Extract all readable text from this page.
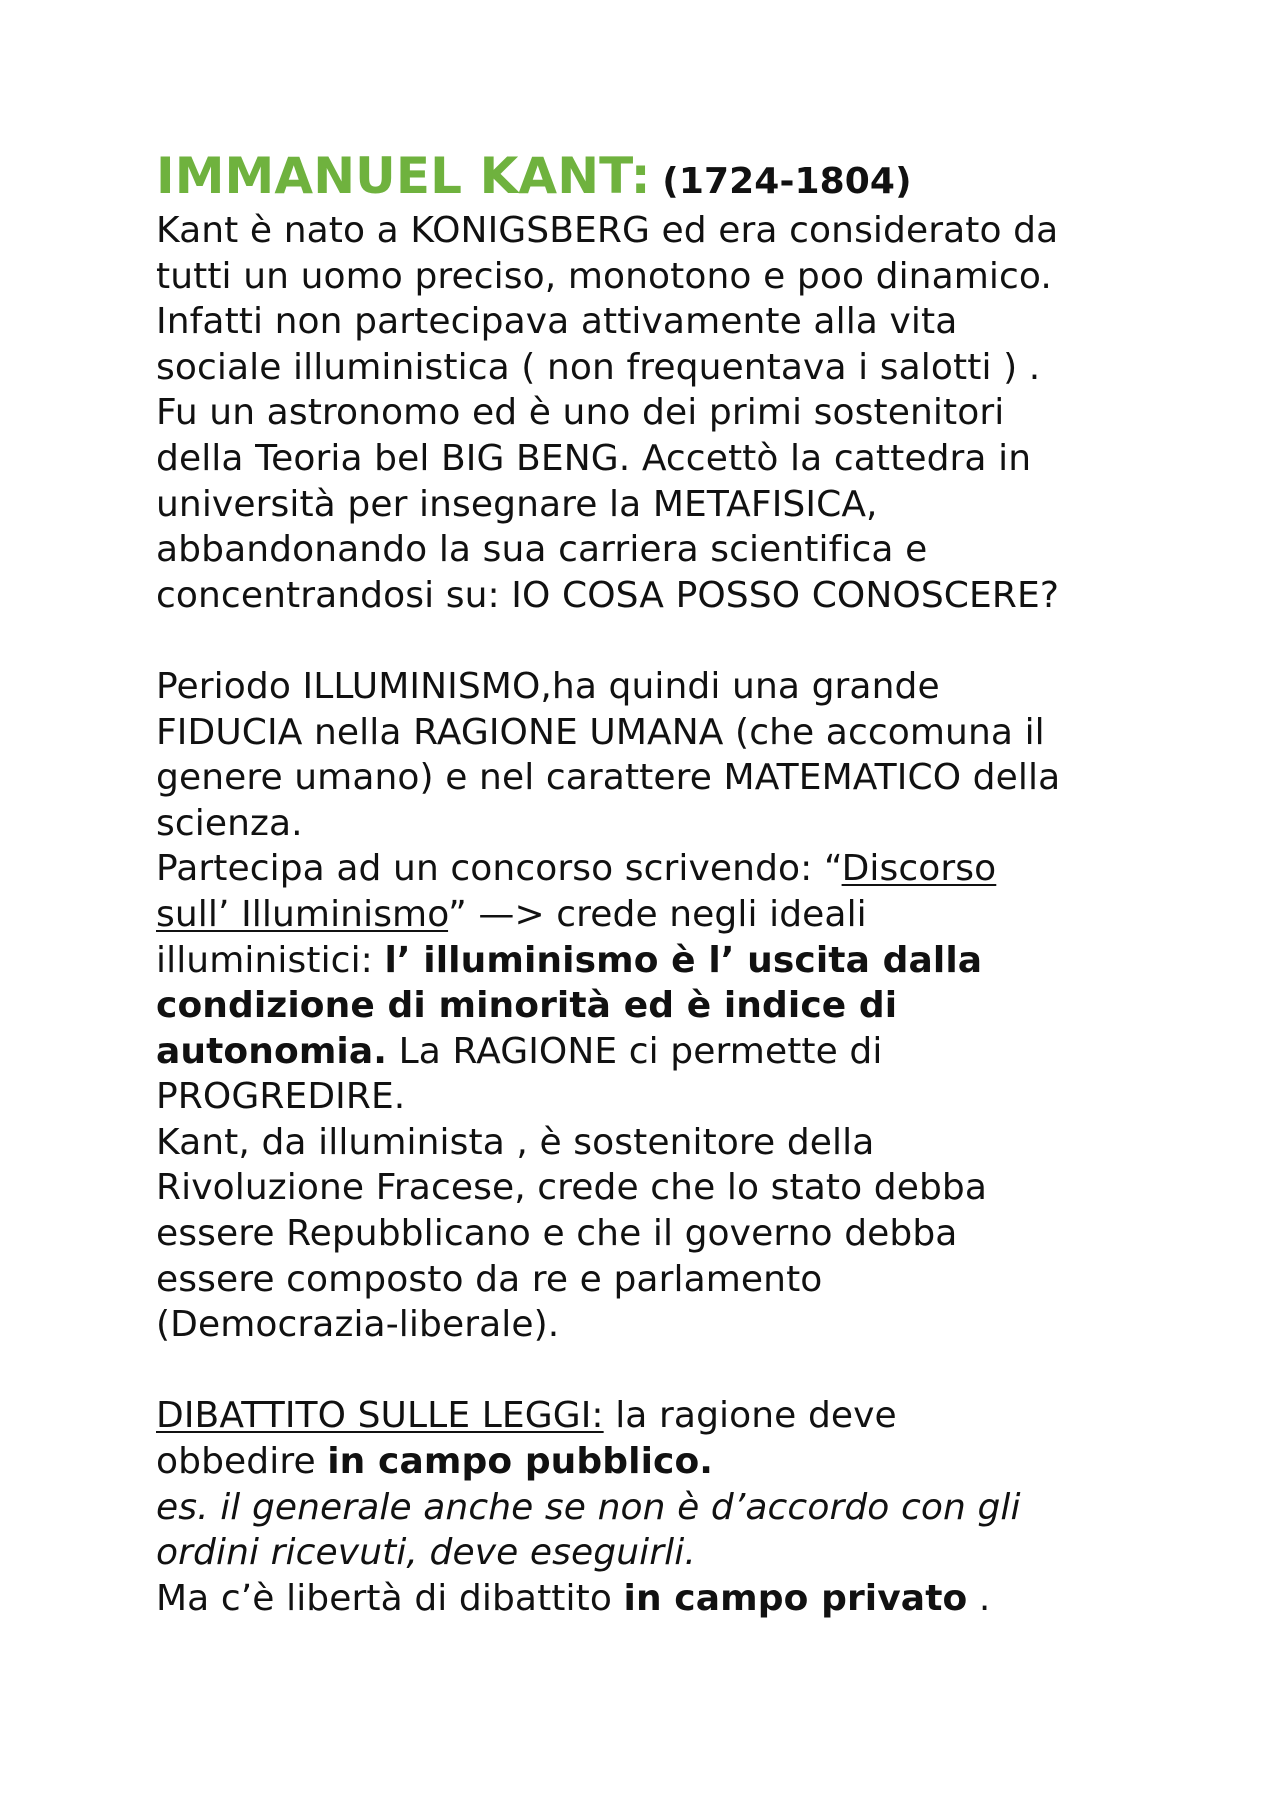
IMMANUEL KANT: (1724-1804)

Kant è nato a KONIGSBERG ed era considerato da

tutti un uomo preciso, monotono e poo dinamico.

Infatti non partecipava attivamente alla vita

sociale illuministica ( non frequentava i salotti ) .

Fu un astronomo ed è uno dei primi sostenitori

della Teoria bel BIG BENG. Accettò la cattedra in

università per insegnare la METAFISICA,

abbandonando la sua carriera scientifica e

concentrandosi su: IO COSA POSSO CONOSCERE?

Periodo ILLUMINISMO,ha quindi una grande

FIDUCIA nella RAGIONE UMANA (che accomuna il

genere umano) e nel carattere MATEMATICO della

scienza.

Partecipa ad un concorso scrivendo: “Discorso

sull’ Illuminismo” —> crede negli ideali

illuministici: l’ illuminismo è l’ uscita dalla

condizione di minorità ed è indice di

autonomia. La RAGIONE ci permette di

PROGREDIRE.

Kant, da illuminista , è sostenitore della

Rivoluzione Fracese, crede che lo stato debba

essere Repubblicano e che il governo debba

essere composto da re e parlamento

(Democrazia-liberale).

DIBATTITO SULLE LEGGI: la ragione deve

obbedire in campo pubblico.

es. il generale anche se non è d’accordo con gli

ordini ricevuti, deve eseguirli.

Ma c’è libertà di dibattito in campo privato .
